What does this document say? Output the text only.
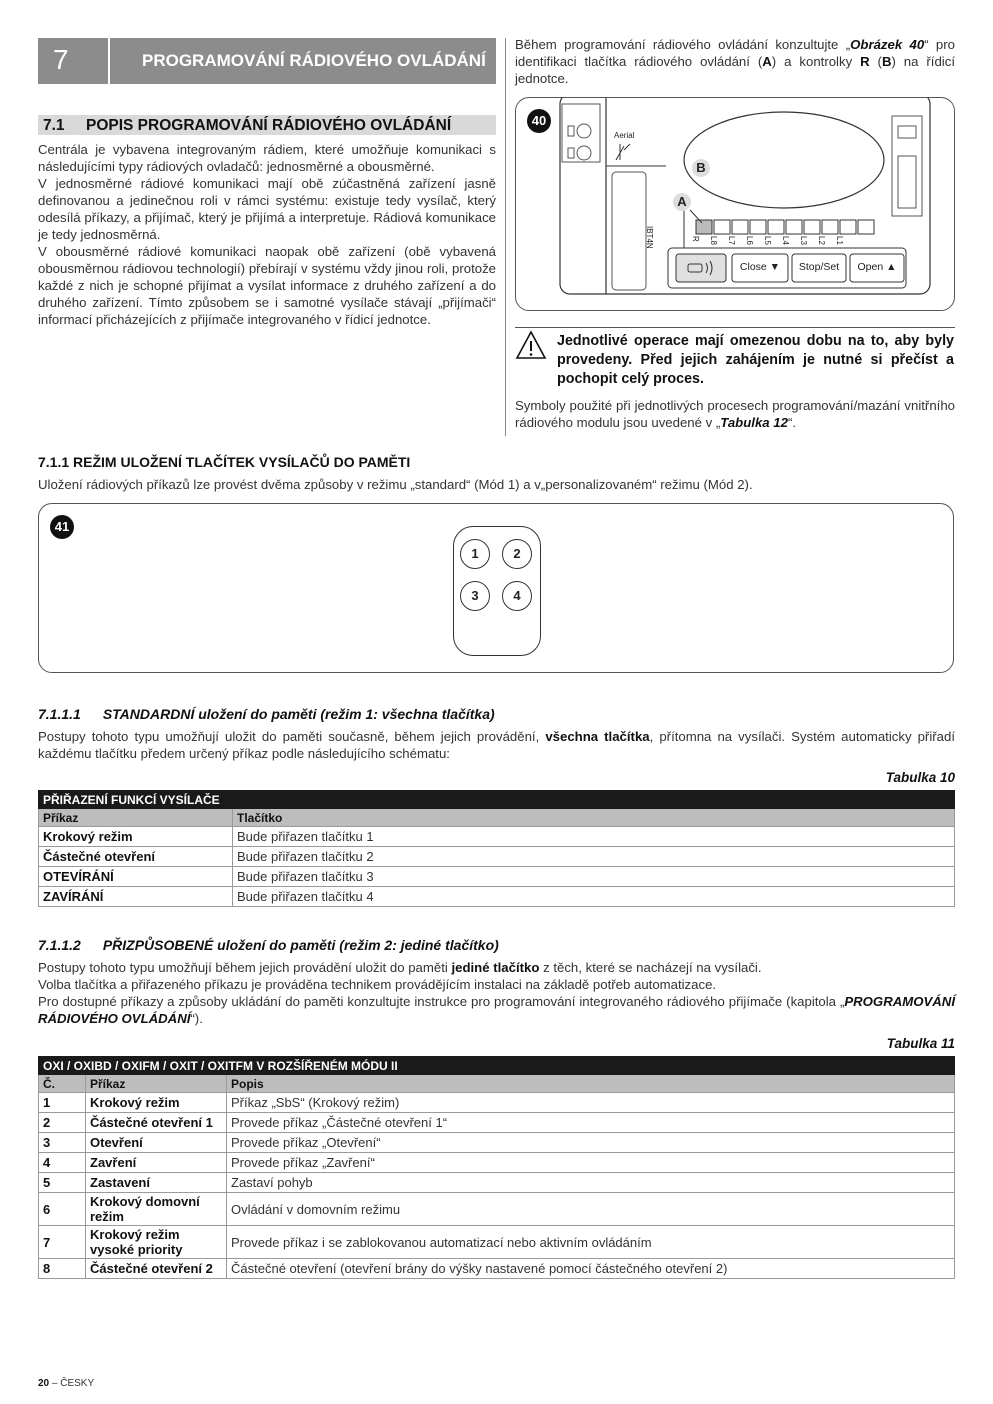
7	PROGRAMOVÁNÍ RÁDIOVÉHO OVLÁDÁNÍ
7.1 POPIS PROGRAMOVÁNÍ RÁDIOVÉHO OVLÁDÁNÍ

Centrála je vybavena integrovaným rádiem, které umožňuje komunikaci s následujícími typy rádiových ovladačů: jednosměrné a obousměrné.

V jednosměrné rádiové komunikaci mají obě zúčastněná zařízení jasně definovanou a jedinečnou roli v rámci systému: existuje tedy vysílač, který odesílá příkazy, a přijímač, který je přijímá a interpretuje. Rádiová komunikace je tedy jednosměrná.

V obousměrné rádiové komunikaci naopak obě zařízení (obě vybavená obousměrnou rádiovou technologií) přebírají v systému vždy jinou roli, protože každé z nich je schopné přijímat a vysílat informace z druhého zařízení a do druhého zařízení. Tímto způsobem se i samotné vysílače stávají „přijímači“ informací přicházejících z přijímače integrovaného v řídicí jednotce.

Během programování rádiového ovládání konzultujte „Obrázek 40“ pro identifikaci tlačítka rádiového ovládání (A) a kontrolky R (B) na řídicí jednotce.

40
Aerial
A
B
IBT4N	R L8 L7 L6 L5 L4 L3 L2 L1
Close ▼	Stop/Set	Open ▲
Jednotlivé operace mají omezenou dobu na to, aby byly provedeny. Před jejich zahájením je nutné si přečíst a pochopit celý proces.

Symboly použité při jednotlivých procesech programování/mazání vnitřního rádiového modulu jsou uvedené v „Tabulka 12“.

7.1.1 REŽIM ULOŽENÍ TLAČÍTEK VYSÍLAČŮ DO PAMĚTI

Uložení rádiových příkazů lze provést dvěma způsoby v režimu „standard“ (Mód 1) a v„personalizovaném“ režimu (Mód 2).

41
1	2
3	4
7.1.1.1 STANDARDNÍ uložení do paměti (režim 1: všechna tlačítka)

Postupy tohoto typu umožňují uložit do paměti současně, během jejich provádění, všechna tlačítka, přítomna na vysílači. Systém automaticky přiřadí každému tlačítku předem určený příkaz podle následujícího schématu:

Tabulka 10
PŘIŘAZENÍ FUNKCÍ VYSÍLAČE	
Příkaz	Tlačítko
Krokový režim	Bude přiřazen tlačítku 1
Částečné otevření	Bude přiřazen tlačítku 2
OTEVÍRÁNÍ	Bude přiřazen tlačítku 3
ZAVÍRÁNÍ	Bude přiřazen tlačítku 4
7.1.1.2 PŘIZPŮSOBENÉ uložení do paměti (režim 2: jediné tlačítko)

Postupy tohoto typu umožňují během jejich provádění uložit do paměti jediné tlačítko z těch, které se nacházejí na vysílači.

Volba tlačítka a přiřazeného příkazu je prováděna technikem provádějícím instalaci na základě potřeb automatizace.

Pro dostupné příkazy a způsoby ukládání do paměti konzultujte instrukce pro programování integrovaného rádiového přijímače (kapitola „PROGRAMOVÁNÍ RÁDIOVÉHO OVLÁDÁNÍ“).

Tabulka 11
OXI / OXIBD / OXIFM / OXIT / OXITFM V ROZŠÍŘENÉM MÓDU II		
Č.	Příkaz	Popis
1	Krokový režim	Příkaz „SbS“ (Krokový režim)
2	Částečné otevření 1	Provede příkaz „Částečné otevření 1“
3	Otevření	Provede příkaz „Otevření“
4	Zavření	Provede příkaz „Zavření“
5	Zastavení	Zastaví pohyb
6	Krokový domovní režim	Ovládání v domovním režimu
7	Krokový režim vysoké priority	Provede příkaz i se zablokovanou automatizací nebo aktivním ovládáním
8	Částečné otevření 2	Částečné otevření (otevření brány do výšky nastavené pomocí částečného otevření 2)
20 – ČESKY
